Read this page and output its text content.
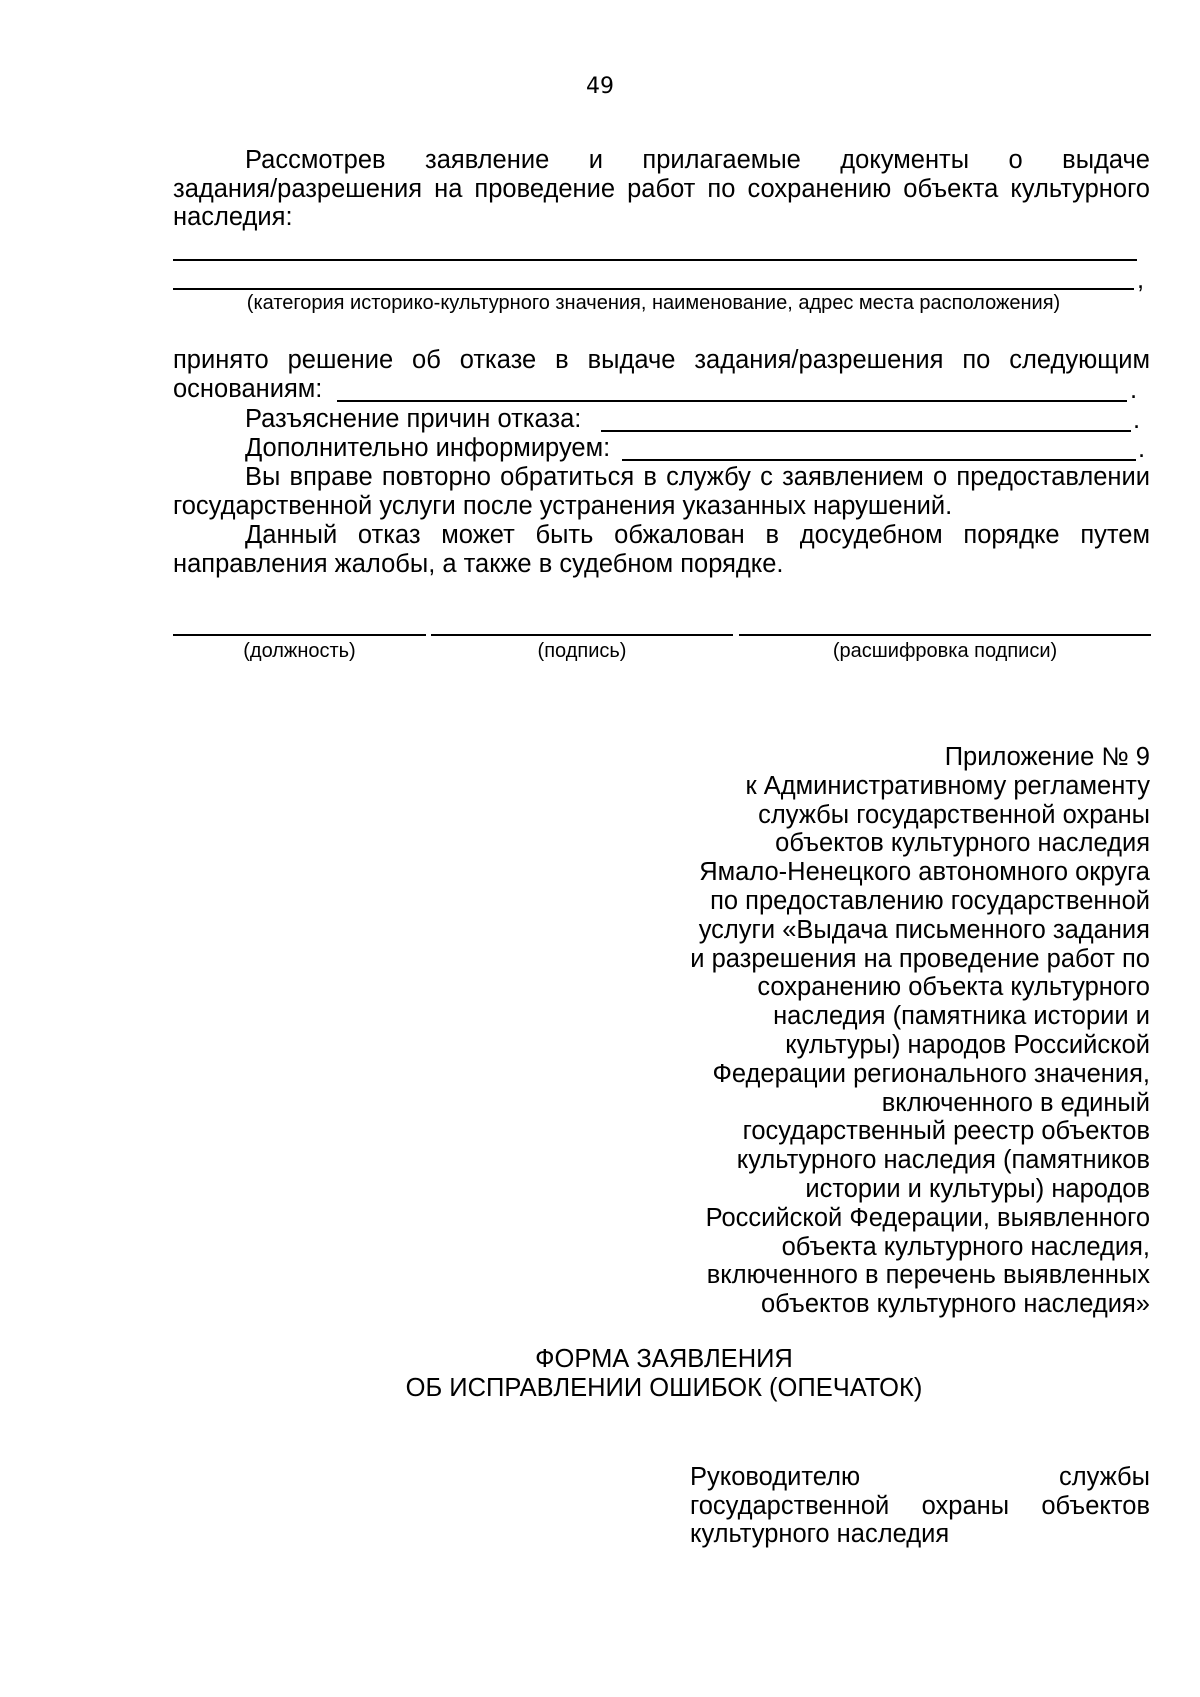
49
Рассмотрев заявление и прилагаемые документы о выдаче
задания/разрешения на проведение работ по сохранению объекта культурного
наследия:
,
(категория историко-культурного значения, наименование, адрес места расположения)
принято решение об отказе в выдаче задания/разрешения по следующим
основаниям:	.
Разъяснение причин отказа:	.
Дополнительно информируем:	.
Вы вправе повторно обратиться в службу с заявлением о предоставлении
государственной услуги после устранения указанных нарушений.
Данный отказ может быть обжалован в досудебном порядке путем
направления жалобы, а также в судебном порядке.
(должность)	(подпись)	(расшифровка подписи)
Приложение № 9
к Административному регламенту
службы государственной охраны
объектов культурного наследия
Ямало-Ненецкого автономного округа
по предоставлению государственной
услуги «Выдача письменного задания
и разрешения на проведение работ по
сохранению объекта культурного
наследия (памятника истории и
культуры) народов Российской
Федерации регионального значения,
включенного в единый
государственный реестр объектов
культурного наследия (памятников
истории и культуры) народов
Российской Федерации, выявленного
объекта культурного наследия,
включенного в перечень выявленных
объектов культурного наследия»
ФОРМА ЗАЯВЛЕНИЯ
ОБ ИСПРАВЛЕНИИ ОШИБОК (ОПЕЧАТОК)
Руководителю службы
государственной охраны объектов
культурного наследия
